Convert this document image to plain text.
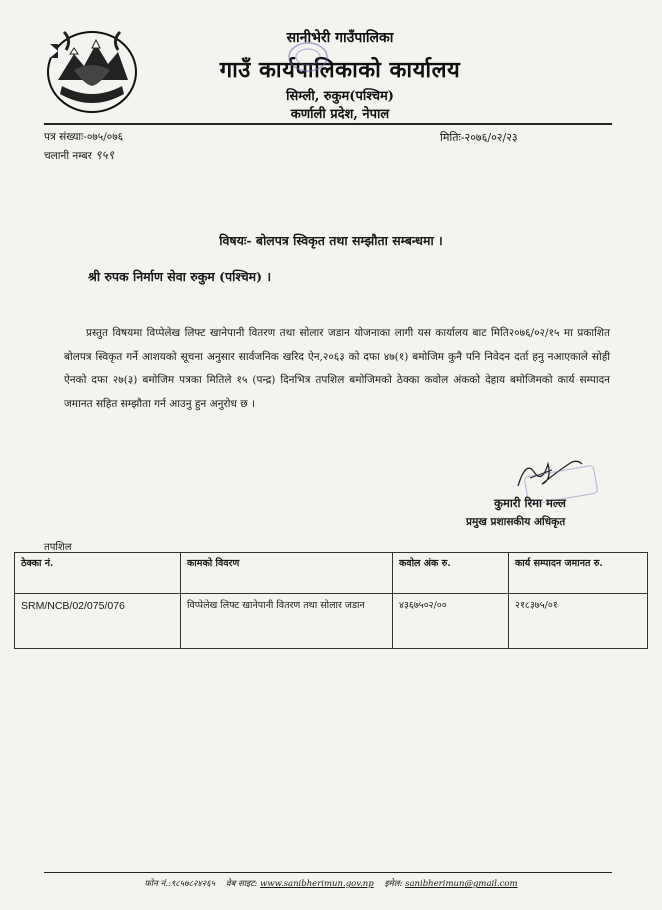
सानीभेरी गाउँपालिका
गाउँ कार्यपालिकाको कार्यालय
सिम्ली, रुकुम(पश्चिम)
कर्णाली प्रदेश, नेपाल
पत्र संख्याः-०७५/०७६
चलानी नम्बर ९५९
मितिः-२०७६/०२/२३
विषयः- बोलपत्र स्विकृत तथा सम्झौता सम्बन्धमा ।
श्री रुपक निर्माण सेवा रुकुम (पश्चिम) ।
प्रस्तुत विषयमा विप्पेलेख लिफ्ट खानेपानी वितरण तथा सोलार जडान योजनाका लागी यस कार्यालय बाट मिति२०७६/०२/१५ मा प्रकाशित बोलपत्र स्विकृत गर्ने आशयको सूचना अनुसार सार्वजनिक खरिद ऐन,२०६३ को दफा ४७(१) बमोजिम कुनै पनि निवेदन दर्ता हनु नआएकाले सोही ऐनको दफा २७(३) बमोजिम पत्रका मितिले १५ (पन्द्र) दिनभित्र तपशिल बमोजिमको ठेक्का कवोल अंकको देहाय बमोजिमको कार्य सम्पादन जमानत सहित सम्झौता गर्न आउनु हुन अनुरोध छ ।
कुमारी रिमा मल्ल
प्रमुख प्रशासकीय अधिकृत
तपशिल
ठेक्का नं.	कामको विवरण	कवोल अंक रु.	कार्य सम्पादन जमानत रु.
SRM/NCB/02/075/076	विप्पेलेख लिफ्ट खानेपानी वितरण तथा सोलार जडान	४३६७५०२/००	२१८३७५/०१
फोन नं.:९८५७८२४२६५ वेब साइट: www.sanibherimun.gov.np इमेल: sanibherimun@gmail.com
